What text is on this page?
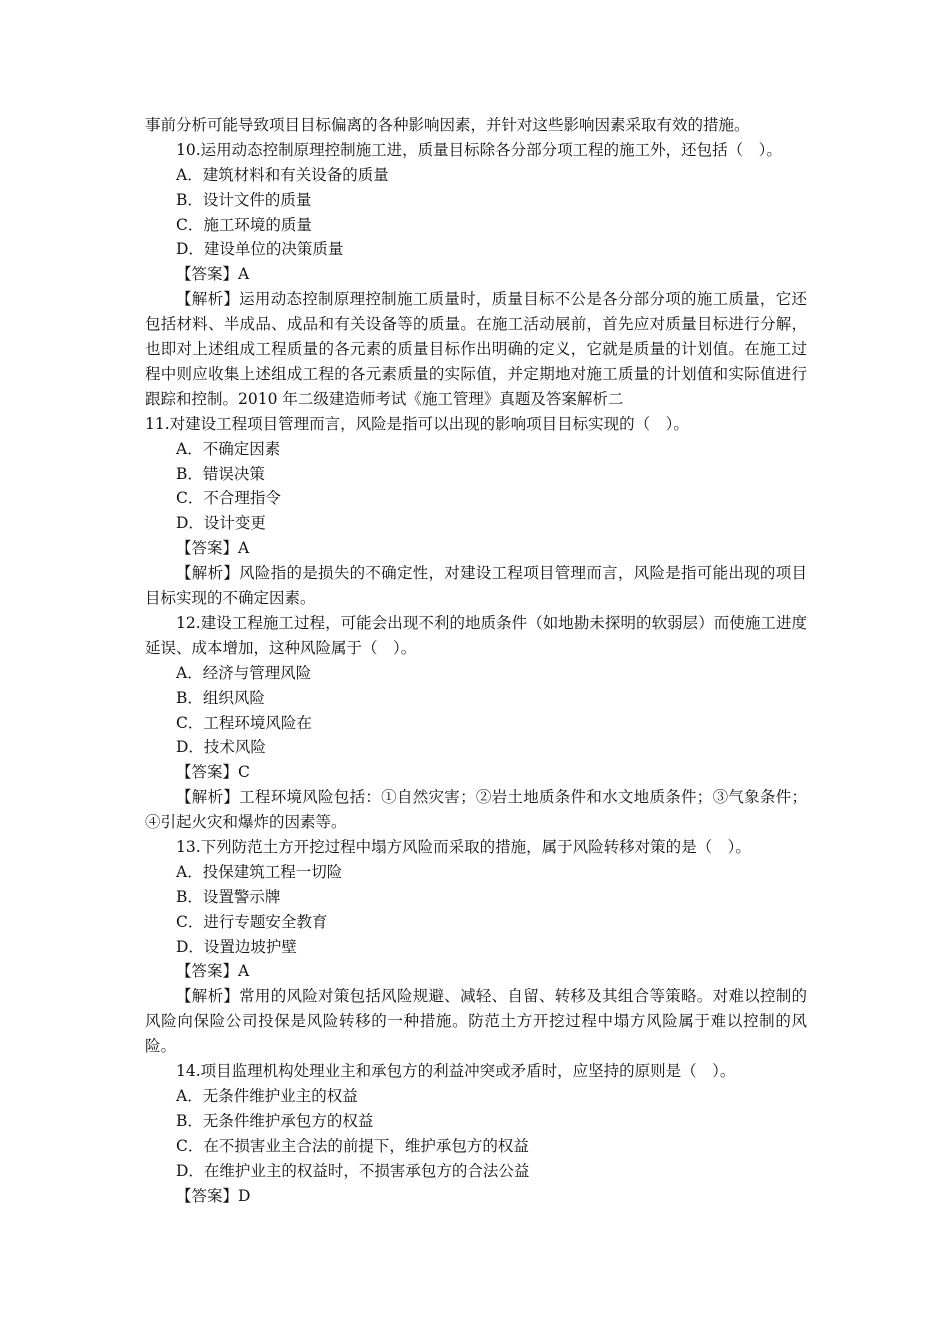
事前分析可能导致项目目标偏离的各种影响因素，并针对这些影响因素采取有效的措施。
10.运用动态控制原理控制施工进，质量目标除各分部分项工程的施工外，还包括（　）。
A．建筑材料和有关设备的质量
B．设计文件的质量
C．施工环境的质量
D．建设单位的决策质量
【答案】A
【解析】运用动态控制原理控制施工质量时，质量目标不公是各分部分项的施工质量，它还包括材料、半成品、成品和有关设备等的质量。在施工活动展前，首先应对质量目标进行分解，也即对上述组成工程质量的各元素的质量目标作出明确的定义，它就是质量的计划值。在施工过程中则应收集上述组成工程的各元素质量的实际值，并定期地对施工质量的计划值和实际值进行跟踪和控制。2010 年二级建造师考试《施工管理》真题及答案解析二
11.对建设工程项目管理而言，风险是指可以出现的影响项目目标实现的（　）。
A．不确定因素
B．错误决策
C．不合理指令
D．设计变更
【答案】A
【解析】风险指的是损失的不确定性，对建设工程项目管理而言，风险是指可能出现的项目目标实现的不确定因素。
12.建设工程施工过程，可能会出现不利的地质条件（如地勘未探明的软弱层）而使施工进度延误、成本增加，这种风险属于（　）。
A．经济与管理风险
B．组织风险
C．工程环境风险在
D．技术风险
【答案】C
【解析】工程环境风险包括：①自然灾害；②岩土地质条件和水文地质条件；③气象条件；④引起火灾和爆炸的因素等。
13.下列防范土方开挖过程中塌方风险而采取的措施，属于风险转移对策的是（　）。
A．投保建筑工程一切险
B．设置警示牌
C．进行专题安全教育
D．设置边坡护壁
【答案】A
【解析】常用的风险对策包括风险规避、减轻、自留、转移及其组合等策略。对难以控制的风险向保险公司投保是风险转移的一种措施。防范土方开挖过程中塌方风险属于难以控制的风险。
14.项目监理机构处理业主和承包方的利益冲突或矛盾时，应坚持的原则是（　）。
A．无条件维护业主的权益
B．无条件维护承包方的权益
C．在不损害业主合法的前提下，维护承包方的权益
D．在维护业主的权益时，不损害承包方的合法公益
【答案】D
